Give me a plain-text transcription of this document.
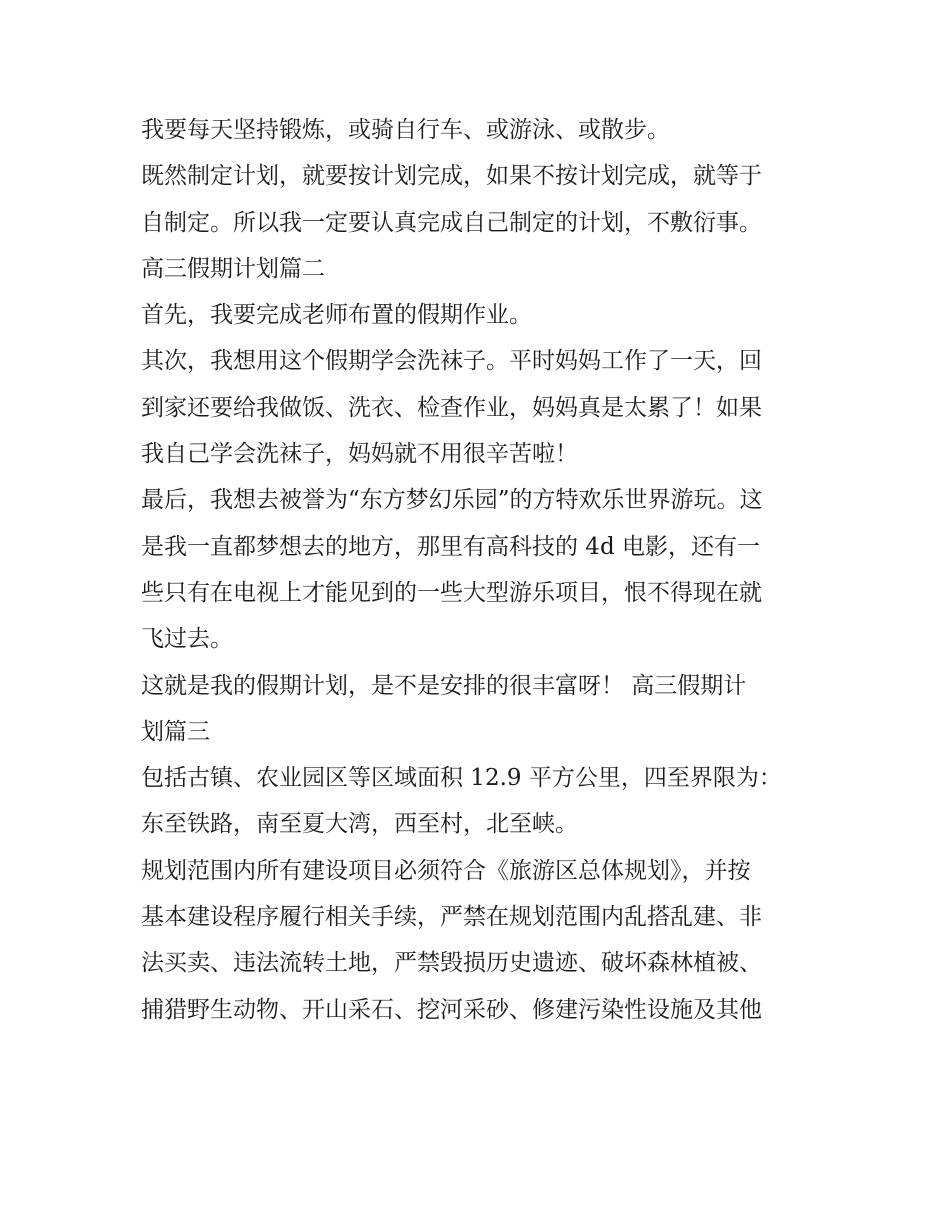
我要每天坚持锻炼，或骑自行车、或游泳、或散步。
既然制定计划，就要按计划完成，如果不按计划完成，就等于
自制定。所以我一定要认真完成自己制定的计划，不敷衍事。
高三假期计划篇二
首先，我要完成老师布置的假期作业。
其次，我想用这个假期学会洗袜子。平时妈妈工作了一天，回
到家还要给我做饭、洗衣、检查作业，妈妈真是太累了！如果
我自己学会洗袜子，妈妈就不用很辛苦啦！
最后，我想去被誉为“东方梦幻乐园”的方特欢乐世界游玩。这
是我一直都梦想去的地方，那里有高科技的 4d 电影，还有一
些只有在电视上才能见到的一些大型游乐项目，恨不得现在就
飞过去。
这就是我的假期计划，是不是安排的很丰富呀！ 高三假期计
划篇三
包括古镇、农业园区等区域面积 12.9 平方公里，四至界限为：
东至铁路，南至夏大湾，西至村，北至峡。
规划范围内所有建设项目必须符合《旅游区总体规划》，并按
基本建设程序履行相关手续，严禁在规划范围内乱搭乱建、非
法买卖、违法流转土地，严禁毁损历史遗迹、破坏森林植被、
捕猎野生动物、开山采石、挖河采砂、修建污染性设施及其他
